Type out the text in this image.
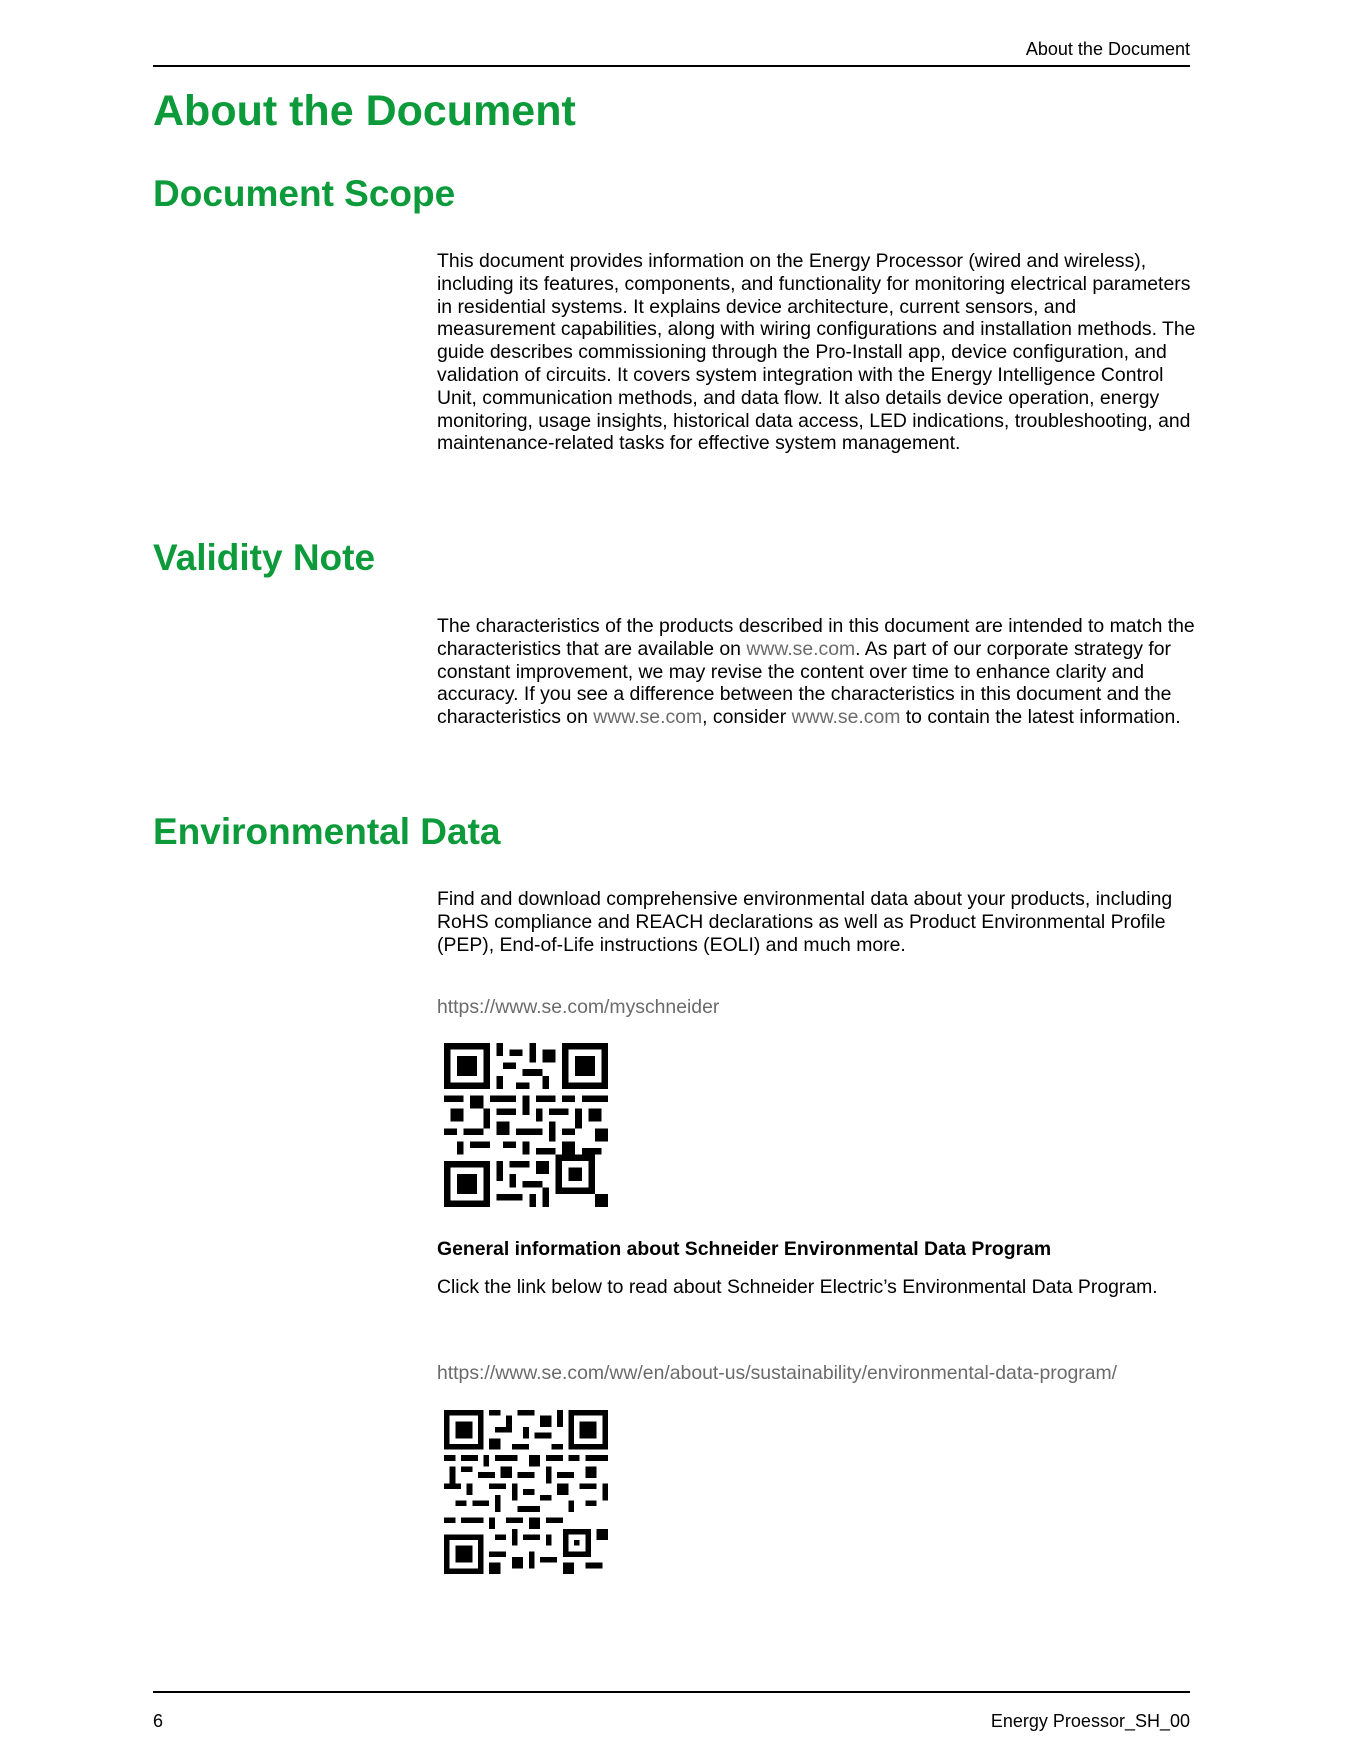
About the Document
About the Document
Document Scope

This document provides information on the Energy Processor (wired and wireless), including its features, components, and functionality for monitoring electrical parameters in residential systems. It explains device architecture, current sensors, and measurement capabilities, along with wiring configurations and installation methods. The guide describes commissioning through the Pro-Install app, device configuration, and validation of circuits. It covers system integration with the Energy Intelligence Control Unit, communication methods, and data flow. It also details device operation, energy monitoring, usage insights, historical data access, LED indications, troubleshooting, and maintenance-related tasks for effective system management.

Validity Note

The characteristics of the products described in this document are intended to match the characteristics that are available on www.se.com. As part of our corporate strategy for constant improvement, we may revise the content over time to enhance clarity and accuracy. If you see a difference between the characteristics in this document and the characteristics on www.se.com, consider www.se.com to contain the latest information.

Environmental Data

Find and download comprehensive environmental data about your products, including RoHS compliance and REACH declarations as well as Product Environmental Profile (PEP), End-of-Life instructions (EOLI) and much more.

https://www.se.com/myschneider
General information about Schneider Environmental Data Program

Click the link below to read about Schneider Electric’s Environmental Data Program.

https://www.se.com/ww/en/about-us/sustainability/environmental-data-program/
6	Energy Proessor_SH_00
